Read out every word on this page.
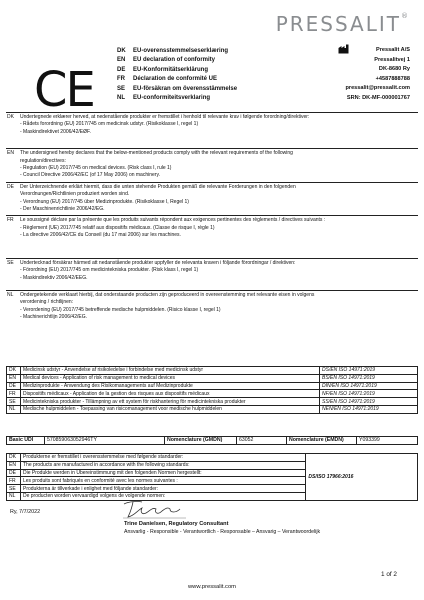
PRESSALIT®
CE
DK	EU-overensstemmelseserklæring
EN	EU declaration of conformity
DE	EU-Konformitätserklärung
FR	Déclaration de conformité UE
SE	EU-försäkran om överensstämmelse
NL	EU-conformiteitsverklaring
Pressalit A/S
Pressalitvej 1
DK-8680 Ry
+4587888788
pressalit@pressalit.com
SRN: DK-MF-000001767
DK	Undertegnede erklærer herved, at nedenstående produkter er fremstillet i henhold til relevante krav i følgende forordning/direktiver:
- Rådets forordning (EU) 2017/745 om medicinsk udstyr. (Risikoklasse I, regel 1)
- Maskindirektivet 2006/42/EØF.
EN	The undersigned hereby declares that the below-mentioned products comply with the relevant requirements of the following
regulation/directives:
- Regulation (EU) 2017/745 on medical devices. (Risk class I, rule 1)
- Council Directive 2006/42/EC (of 17 May 2006) on machinery.
DE	Der Unterzeichnende erklärt hiermit, dass die unten stehende Produkten gemäß die relevante Forderungen in den folgenden
Verordnungen/Richtlinien produziert worden sind.
- Verordnung (EU) 2017/745 über Medizinprodukte. (Risikoklasse I, Regel 1)
- Der Maschinenrichtlinie 2006/42/EG.
FR	Le soussigné déclare par la présente que les produits suivants répondent aux exigences pertinentes des règlements / directives suivants :
- Règlement (UE) 2017/745 relatif aux dispositifs médicaux. (Classe de risque I, règle 1)
- La directive 2006/42/CE du Conseil (du 17 mai 2006) sur les machines.
SE	Undertecknad försäkrar härmed att nedanstående produkter uppfyller de relevanta kraven i följande förordningar / direktiven:
- Förordning (EU) 2017/745 om medicintekniska produkter. (Risk klass I, regel 1)
- Maskindirektiv 2006/42/EEG.
NL	Ondergetekende verklaart hierbij, dat onderstaande producten zijn geproduceerd in overeenstemming met relevante eisen in volgens
verordening / richtlijnen:
- Verordening (EU) 2017/745 betreffende medische hulpmiddelen. (Risico klasse I, regel 1)
- Machinerichtlijn 2006/42/EG.
DK	Medicinsk udstyr - Anvendelse af risikoledelse i forbindelse med medicinsk udstyr	DS/EN ISO 14971:2019
EN	Medical devices - Application of risk management to medical devices	BS/EN ISO 14971:2019
DE	Medizinprodukte - Anwendung des Risikomanagements auf Medizinprodukte	DIN/EN ISO 14971:2019
FR	Dispositifs médicaux - Application de la gestion des risques aux dispositifs médicaux	NF/EN ISO 14971:2019
SE	Medicintekniska produkter - Tillämpning av ett system för riskhantering för medicintekniska produkter	SS/EN ISO 14971:2019
NL	Medische hulpmiddelen - Toepassing van risicomanagement voor medische hulpmiddelen	NEN/EN ISO 14971:2019
Basic UDI	570859063052946TY	Nomenclature (GMDN)	63052	Nomenclature (EMDN)	Y093399
DK	Produkterne er fremstillet i overensstemmelse med følgende standarder:	DS/ISO 17966:2016
EN	The products are manufactured in accordance with the following standards:	
DE	Die Produkte werden in Übereinstimmung mit den folgenden Normen hergestellt:	
FR	Les produits sont fabriqués en conformité avec les normes suivantes :	
SE	Produkterna är tillverkade i enlighet med följande standarder:	
NL	De producten worden vervaardigd volgens de volgende normen:	
Ry, 7/7/2022
Trine Danielsen, Regulatory Consultant
Ansvarlig - Responsible - Verantwortlich - Responsable – Ansvarig – Verantwoordelijk
1 of 2
www.pressalit.com
